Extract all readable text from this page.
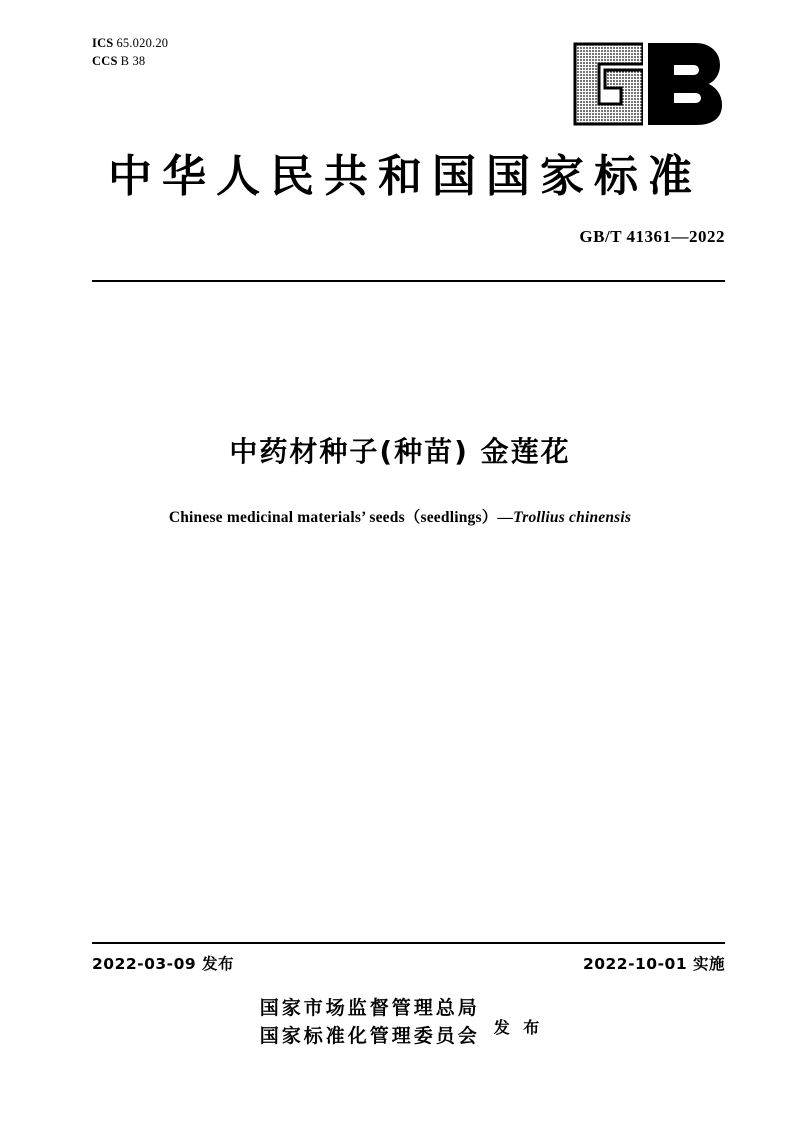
ICS 65.020.20
CCS B 38
中华人民共和国国家标准
GB/T 41361—2022
中药材种子(种苗) 金莲花
Chinese medicinal materials’ seeds（seedlings）—Trollius chinensis
2022-03-09 发布	2022-10-01 实施
国家市场监督管理总局
国家标准化管理委员会 发 布
